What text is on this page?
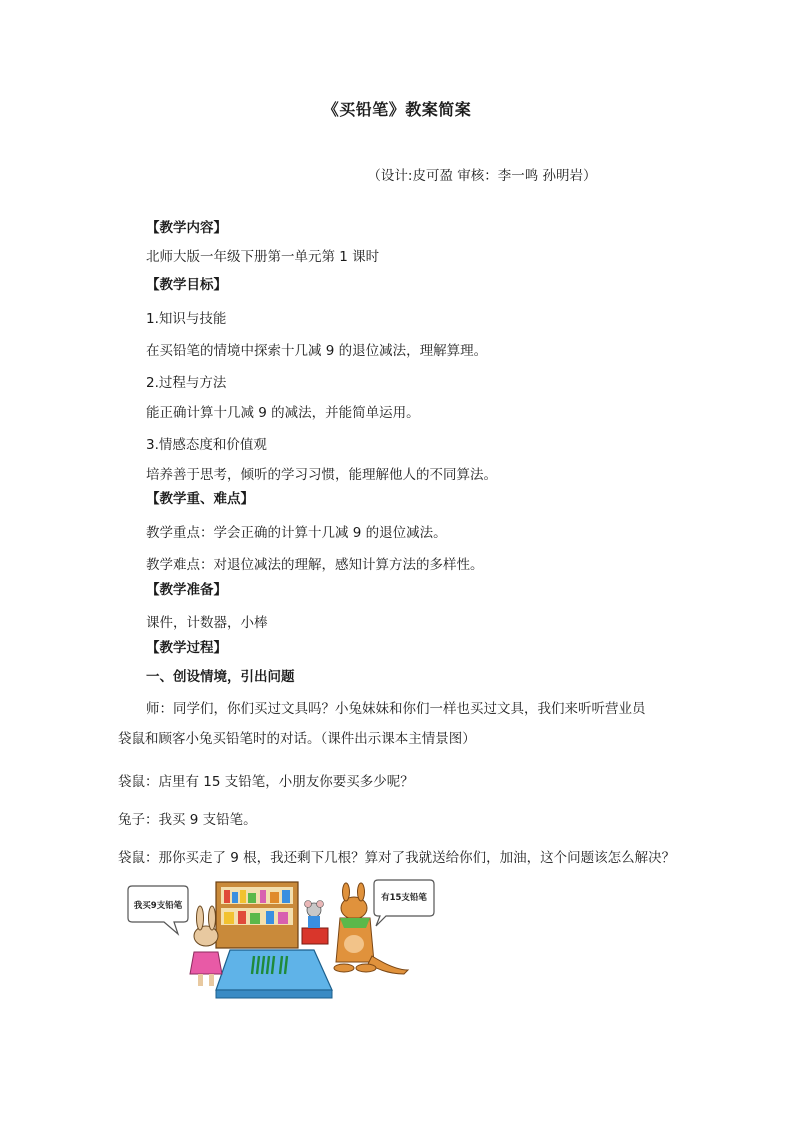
《买铅笔》教案简案
（设计:皮可盈 审核：李一鸣 孙明岩）
【教学内容】
北师大版一年级下册第一单元第 1 课时
【教学目标】
1.知识与技能
在买铅笔的情境中探索十几减 9 的退位减法，理解算理。
2.过程与方法
能正确计算十几减 9 的减法，并能简单运用。
3.情感态度和价值观
培养善于思考，倾听的学习习惯，能理解他人的不同算法。
【教学重、难点】
教学重点：学会正确的计算十几减 9 的退位减法。
教学难点：对退位减法的理解，感知计算方法的多样性。
【教学准备】
课件，计数器，小棒
【教学过程】
一、创设情境，引出问题
师：同学们，你们买过文具吗？小兔妹妹和你们一样也买过文具，我们来听听营业员
袋鼠和顾客小兔买铅笔时的对话。（课件出示课本主情景图）
袋鼠：店里有 15 支铅笔，小朋友你要买多少呢？
兔子：我买 9 支铅笔。
袋鼠：那你买走了 9 根，我还剩下几根？算对了我就送给你们，加油，这个问题该怎么解决？
我买9支铅笔
有15支铅笔
